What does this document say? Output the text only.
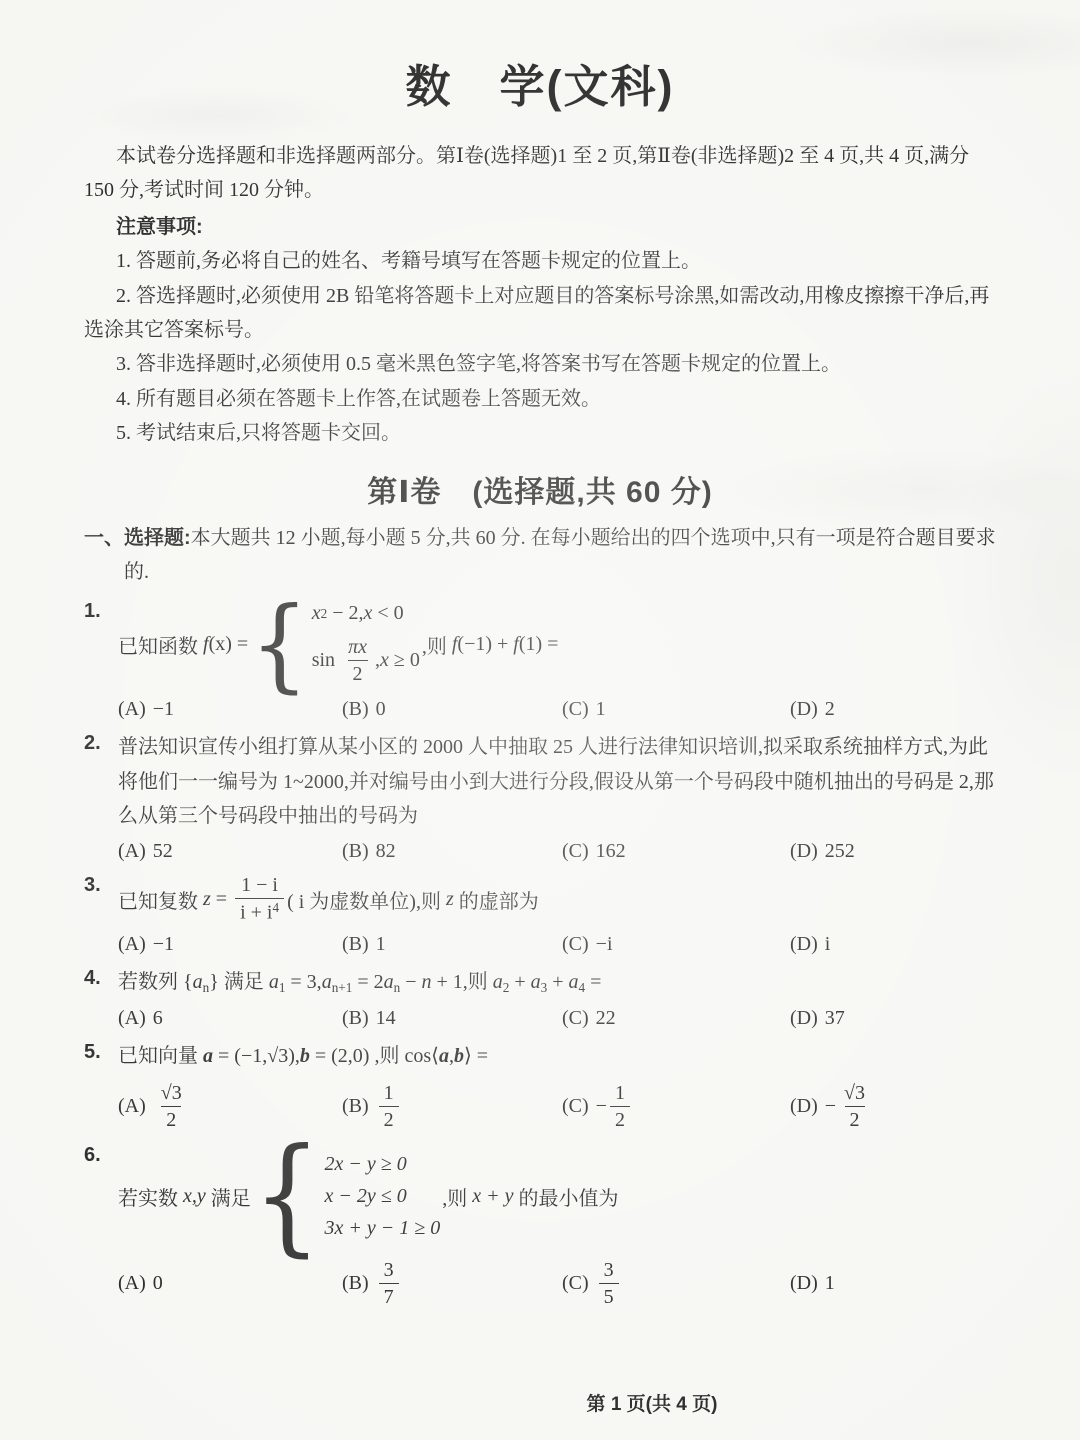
数　学(文科)

本试卷分选择题和非选择题两部分。第Ⅰ卷(选择题)1 至 2 页,第Ⅱ卷(非选择题)2 至 4 页,共 4 页,满分 150 分,考试时间 120 分钟。

注意事项:

1. 答题前,务必将自己的姓名、考籍号填写在答题卡规定的位置上。

2. 答选择题时,必须使用 2B 铅笔将答题卡上对应题目的答案标号涂黑,如需改动,用橡皮擦擦干净后,再选涂其它答案标号。

3. 答非选择题时,必须使用 0.5 毫米黑色签字笔,将答案书写在答题卡规定的位置上。

4. 所有题目必须在答题卡上作答,在试题卷上答题无效。

5. 考试结束后,只将答题卡交回。

第Ⅰ卷　(选择题,共 60 分)

一、选择题:本大题共 12 小题,每小题 5 分,共 60 分. 在每小题给出的四个选项中,只有一项是符合题目要求的.

1.
已知函数 f (x) = { x 2 − 2, x < 0
$\sin \frac{\pi x}{2}$ , x ≥ 0
,则 f (−1) + f (1) =
(A) −1	(B) 0	(C) 1	(D) 2
2. 普法知识宣传小组打算从某小区的 2000 人中抽取 25 人进行法律知识培训,拟采取系统抽样方式,为此将他们一一编号为 1~2000,并对编号由小到大进行分段,假设从第一个号码段中随机抽出的号码是 2,那么从第三个号码段中抽出的号码为

(A) 52	(B) 82	(C) 162	(D) 252
3.
已知复数 $z = \frac{1 - i}{i + i^4}$ ( i 为虚数单位),则 z 的虚部为
(A) −1	(B) 1	(C) −i	(D) i
4. 若数列 {an} 满足 a1 = 3,an+1 = 2an − n + 1,则 a2 + a3 + a4 =

(A) 6	(B) 14	(C) 22	(D) 37
5. 已知向量 a = (−1,√3),b = (2,0) ,则 cos⟨a,b⟩ =

$(A) \frac{√3}{2}$	$(B) \frac{1}{2}$	$(C) - \frac{1}{2}$	$(D) - \frac{√3}{2}$
6.
若实数 x,y 满足 { 2x − y ≥ 0
x − 2y ≤ 0
3x + y − 1 ≥ 0
,则 x + y 的最小值为
(A) 0	$(B) \frac{3}{7}$	$(C) \frac{3}{5}$	(D) 1
第 1 页(共 4 页)
